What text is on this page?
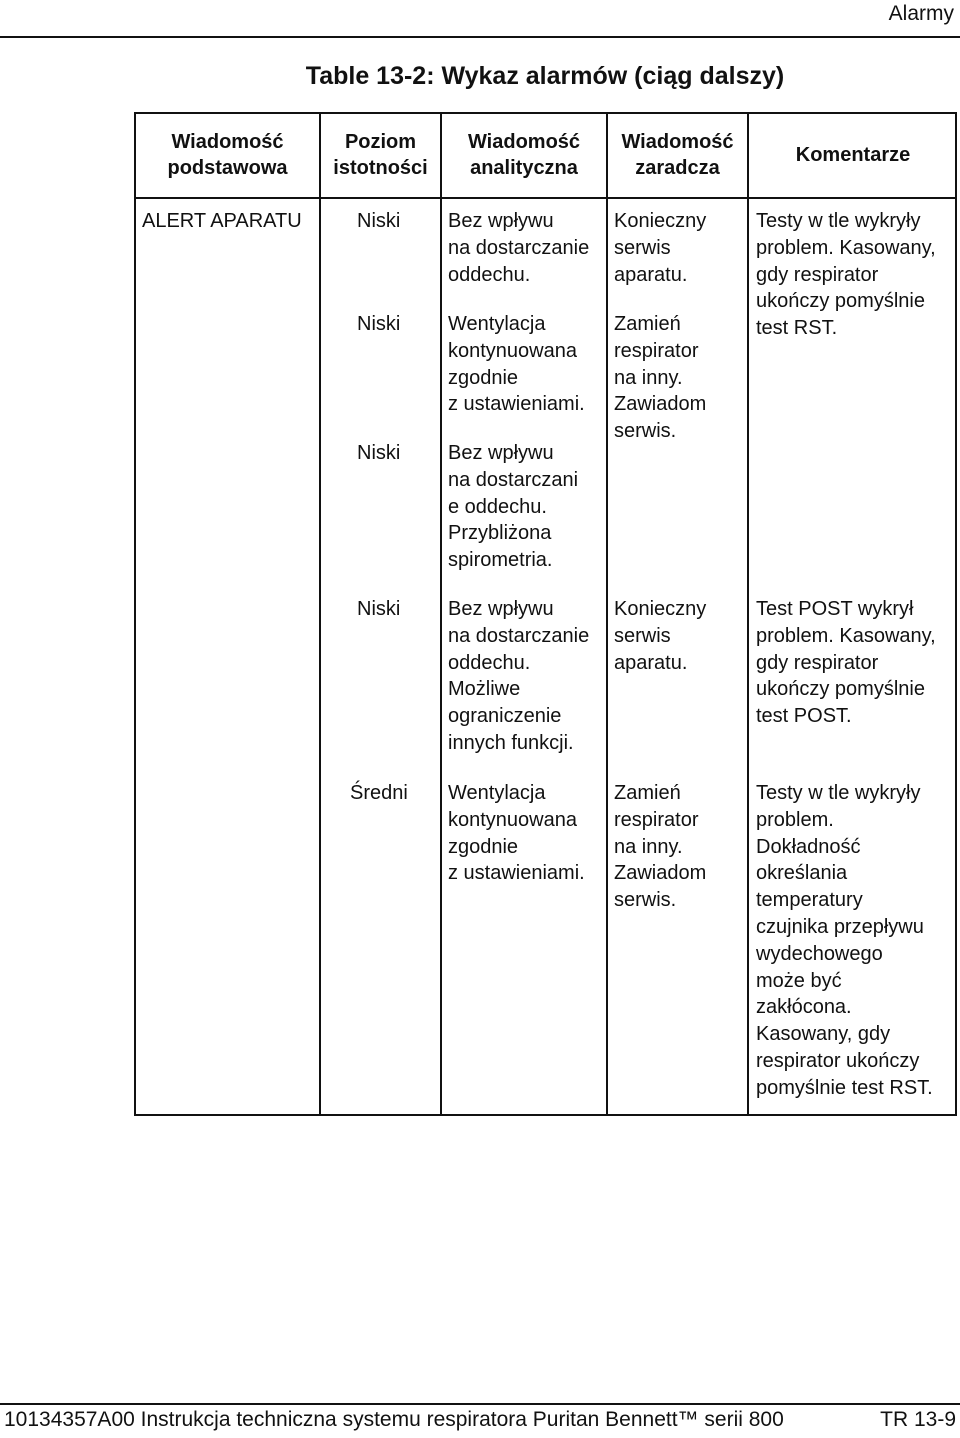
Alarmy
Table 13-2: Wykaz alarmów (ciąg dalszy)
Wiadomość
podstawowa
Poziom
istotności
Wiadomość
analityczna
Wiadomość
zaradcza
Komentarze
ALERT APARATU	Niski Bez wpływu
na dostarczanie
oddechu.
Konieczny
serwis
aparatu.
Testy w tle wykryły
problem. Kasowany,
gdy respirator
ukończy pomyślnie
test RST.
Niski Wentylacja
kontynuowana
zgodnie
z ustawieniami.
Zamień
respirator
na inny.
Zawiadom
serwis.
Niski Bez wpływu
na dostarczani
e oddechu.
Przybliżona
spirometria.
Niski Bez wpływu
na dostarczanie
oddechu.
Możliwe
ograniczenie
innych funkcji.
Konieczny
serwis
aparatu.
Test POST wykrył
problem. Kasowany,
gdy respirator
ukończy pomyślnie
test POST.
Średni Wentylacja
kontynuowana
zgodnie
z ustawieniami.
Zamień
respirator
na inny.
Zawiadom
serwis.
Testy w tle wykryły
problem.
Dokładność
określania
temperatury
czujnika przepływu
wydechowego
może być
zakłócona.
Kasowany, gdy
respirator ukończy
pomyślnie test RST.
10134357A00 Instrukcja techniczna systemu respiratora Puritan Bennett™ serii 800	TR 13-9
